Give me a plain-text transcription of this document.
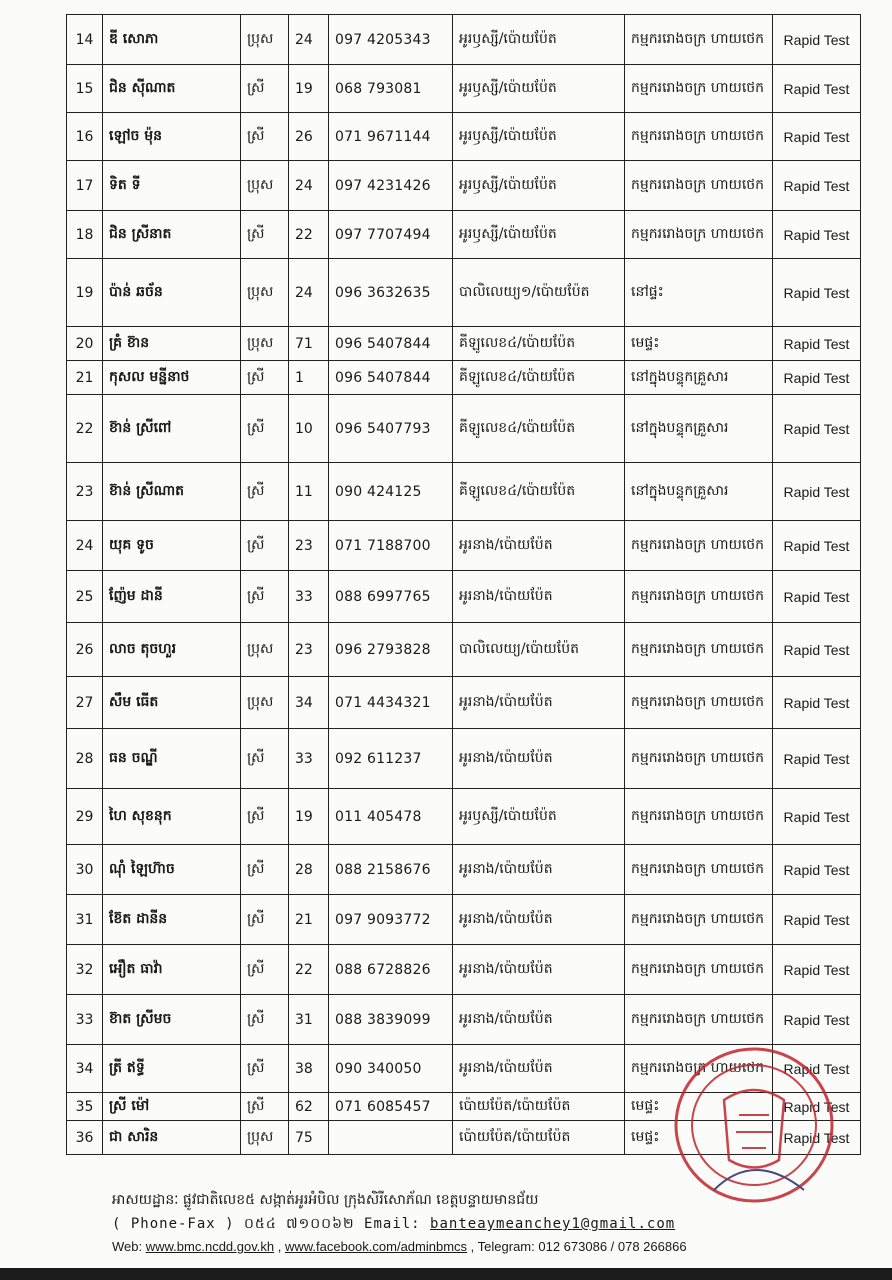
14	ឌី សោភា	ប្រុស	24	097 4205343	អូរឫស្សី/ប៉ោយប៉ែត	កម្មកររោងចក្រ ហាយថេក	Rapid Test
15	ជិន ស៊ីណាត	ស្រី	19	068 793081	អូរឫស្សី/ប៉ោយប៉ែត	កម្មកររោងចក្រ ហាយថេក	Rapid Test
16	ឡៅច ម៉ុន	ស្រី	26	071 9671144	អូរឫស្សី/ប៉ោយប៉ែត	កម្មកររោងចក្រ ហាយថេក	Rapid Test
17	ទិត ទី	ប្រុស	24	097 4231426	អូរឫស្សី/ប៉ោយប៉ែត	កម្មកររោងចក្រ ហាយថេក	Rapid Test
18	ជិន ស្រីនាត	ស្រី	22	097 7707494	អូរឫស្សី/ប៉ោយប៉ែត	កម្មកររោងចក្រ ហាយថេក	Rapid Test
19	ប៉ាន់ ឆច័ន	ប្រុស	24	096 3632635	បាលិលេយ្យ១/ប៉ោយប៉ែត	នៅផ្ទះ	Rapid Test
20	គ្រំ ខ៊ាន	ប្រុស	71	096 5407844	គីឡូលេខ៤/ប៉ោយប៉ែត	មេផ្ទះ	Rapid Test
21	កុសល មន្នីនាថ	ស្រី	1	096 5407844	គីឡូលេខ៤/ប៉ោយប៉ែត	នៅក្នុងបន្ទុកគ្រួសារ	Rapid Test
22	ខ៊ាន់ ស្រីពៅ	ស្រី	10	096 5407793	គីឡូលេខ៤/ប៉ោយប៉ែត	នៅក្នុងបន្ទុកគ្រួសារ	Rapid Test
23	ខ៊ាន់ ស្រីណាត	ស្រី	11	090 424125	គីឡូលេខ៤/ប៉ោយប៉ែត	នៅក្នុងបន្ទុកគ្រួសារ	Rapid Test
24	យុគ ទូច	ស្រី	23	071 7188700	អូរនាង/ប៉ោយប៉ែត	កម្មកររោងចក្រ ហាយថេក	Rapid Test
25	ញ៉ែម ដានី	ស្រី	33	088 6997765	អូរនាង/ប៉ោយប៉ែត	កម្មកររោងចក្រ ហាយថេក	Rapid Test
26	លាច តុចហួរ	ប្រុស	23	096 2793828	បាលិលេយ្យ/ប៉ោយប៉ែត	កម្មកររោងចក្រ ហាយថេក	Rapid Test
27	សឹម ធើត	ប្រុស	34	071 4434321	អូរនាង/ប៉ោយប៉ែត	កម្មកររោងចក្រ ហាយថេក	Rapid Test
28	ធន ចណ្ឌី	ស្រី	33	092 611237	អូរនាង/ប៉ោយប៉ែត	កម្មកររោងចក្រ ហាយថេក	Rapid Test
29	ហៃ សុខនុក	ស្រី	19	011 405478	អូរឫស្សី/ប៉ោយប៉ែត	កម្មកររោងចក្រ ហាយថេក	Rapid Test
30	ណុំ ឡៃហ៊ាច	ស្រី	28	088 2158676	អូរនាង/ប៉ោយប៉ែត	កម្មកររោងចក្រ ហាយថេក	Rapid Test
31	ខ៊ែត ដានីន	ស្រី	21	097 9093772	អូរនាង/ប៉ោយប៉ែត	កម្មកររោងចក្រ ហាយថេក	Rapid Test
32	អឿត ធាវ៉ា	ស្រី	22	088 6728826	អូរនាង/ប៉ោយប៉ែត	កម្មកររោងចក្រ ហាយថេក	Rapid Test
33	ខ៊ាត ស្រីមច	ស្រី	31	088 3839099	អូរនាង/ប៉ោយប៉ែត	កម្មកររោងចក្រ ហាយថេក	Rapid Test
34	ត្រី ឥទ្ធី	ស្រី	38	090 340050	អូរនាង/ប៉ោយប៉ែត	កម្មកររោងចក្រ ហាយថេក	Rapid Test
35	ស្រី ម៉ៅ	ស្រី	62	071 6085457	ប៉ោយប៉ែត/ប៉ោយប៉ែត	មេផ្ទះ	Rapid Test
36	ជា សារិន	ប្រុស	75		ប៉ោយប៉ែត/ប៉ោយប៉ែត	មេផ្ទះ	Rapid Test
អាសយដ្ឋានៈ ផ្លូវជាតិលេខ៥ សង្កាត់អូរអំបិល ក្រុងសិរីសោភ័ណ ខេត្តបន្ទាយមានជ័យ
( Phone-Fax ) ០៥៤ ៧១០០៦២ Email: banteaymeanchey1@gmail.com
Web: www.bmc.ncdd.gov.kh , www.facebook.com/adminbmcs , Telegram: 012 673086 / 078 266866
